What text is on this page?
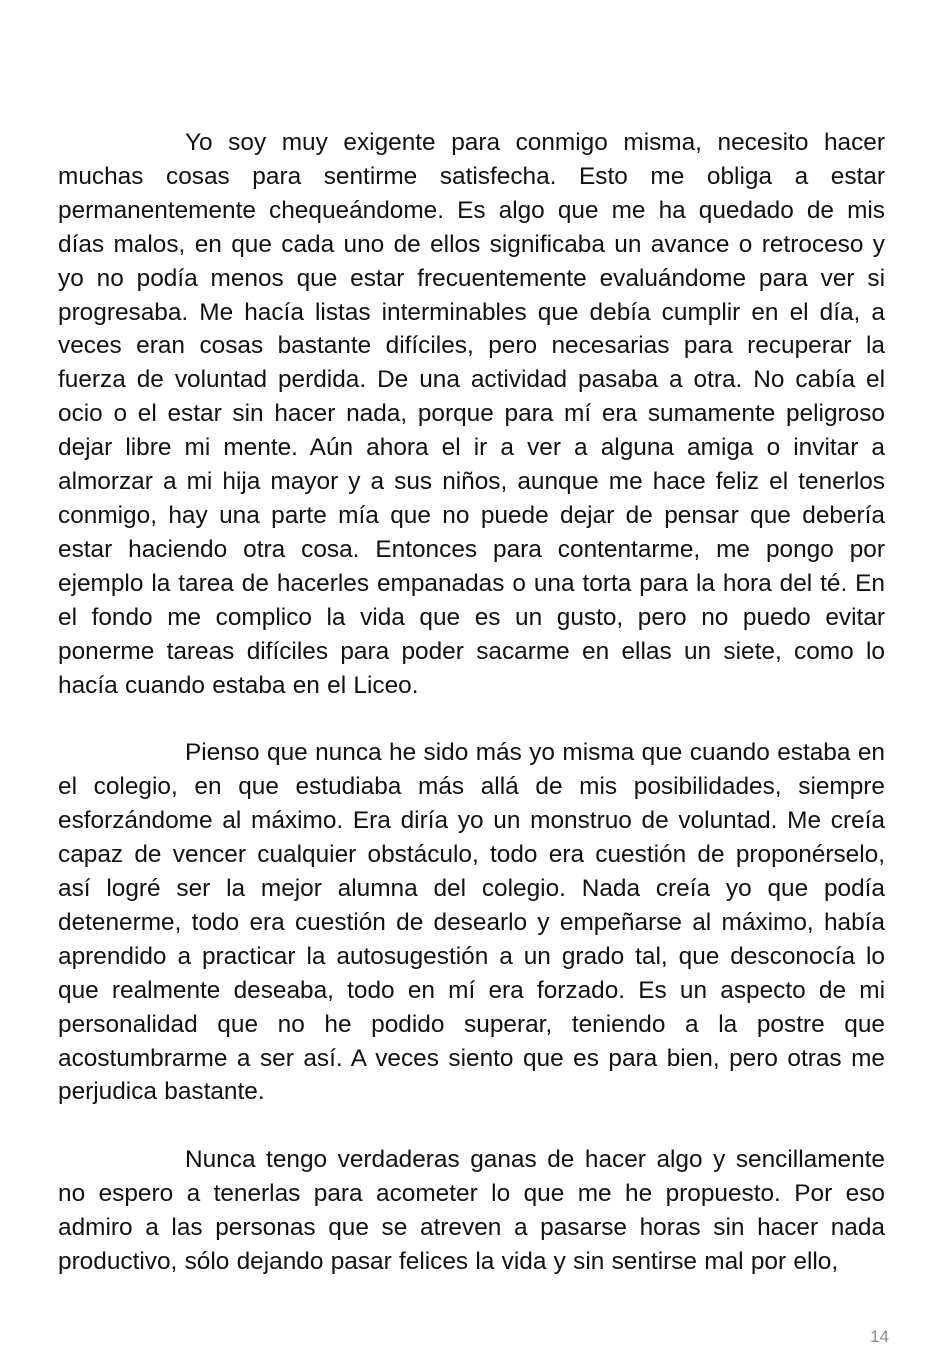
Yo soy muy exigente para conmigo misma, necesito hacer muchas cosas para sentirme satisfecha. Esto me obliga a estar permanentemente chequeándome. Es algo que me ha quedado de mis días malos, en que cada uno de ellos significaba un avance o retroceso y yo no podía menos que estar frecuentemente evaluándome para ver si progresaba. Me hacía listas interminables que debía cumplir en el día, a veces eran cosas bastante difíciles, pero necesarias para recuperar la fuerza de voluntad perdida. De una actividad pasaba a otra. No cabía el ocio o el estar sin hacer nada, porque para mí era sumamente peligroso dejar libre mi mente. Aún ahora el ir a ver a alguna amiga o invitar a almorzar a mi hija mayor y a sus niños, aunque me hace feliz el tenerlos conmigo, hay una parte mía que no puede dejar de pensar que debería estar haciendo otra cosa. Entonces para contentarme, me pongo por ejemplo la tarea de hacerles empanadas o una torta para la hora del té. En el fondo me complico la vida que es un gusto, pero no puedo evitar ponerme tareas difíciles para poder sacarme en ellas un siete, como lo hacía cuando estaba en el Liceo.

Pienso que nunca he sido más yo misma que cuando estaba en el colegio, en que estudiaba más allá de mis posibilidades, siempre esforzándome al máximo. Era diría yo un monstruo de voluntad. Me creía capaz de vencer cualquier obstáculo, todo era cuestión de proponérselo, así logré ser la mejor alumna del colegio. Nada creía yo que podía detenerme, todo era cuestión de desearlo y empeñarse al máximo, había aprendido a practicar la autosugestión a un grado tal, que desconocía lo que realmente deseaba, todo en mí era forzado. Es un aspecto de mi personalidad que no he podido superar, teniendo a la postre que acostumbrarme a ser así. A veces siento que es para bien, pero otras me perjudica bastante.

Nunca tengo verdaderas ganas de hacer algo y sencillamente no espero a tenerlas para acometer lo que me he propuesto. Por eso admiro a las personas que se atreven a pasarse horas sin hacer nada productivo, sólo dejando pasar felices la vida y sin sentirse mal por ello,

14
